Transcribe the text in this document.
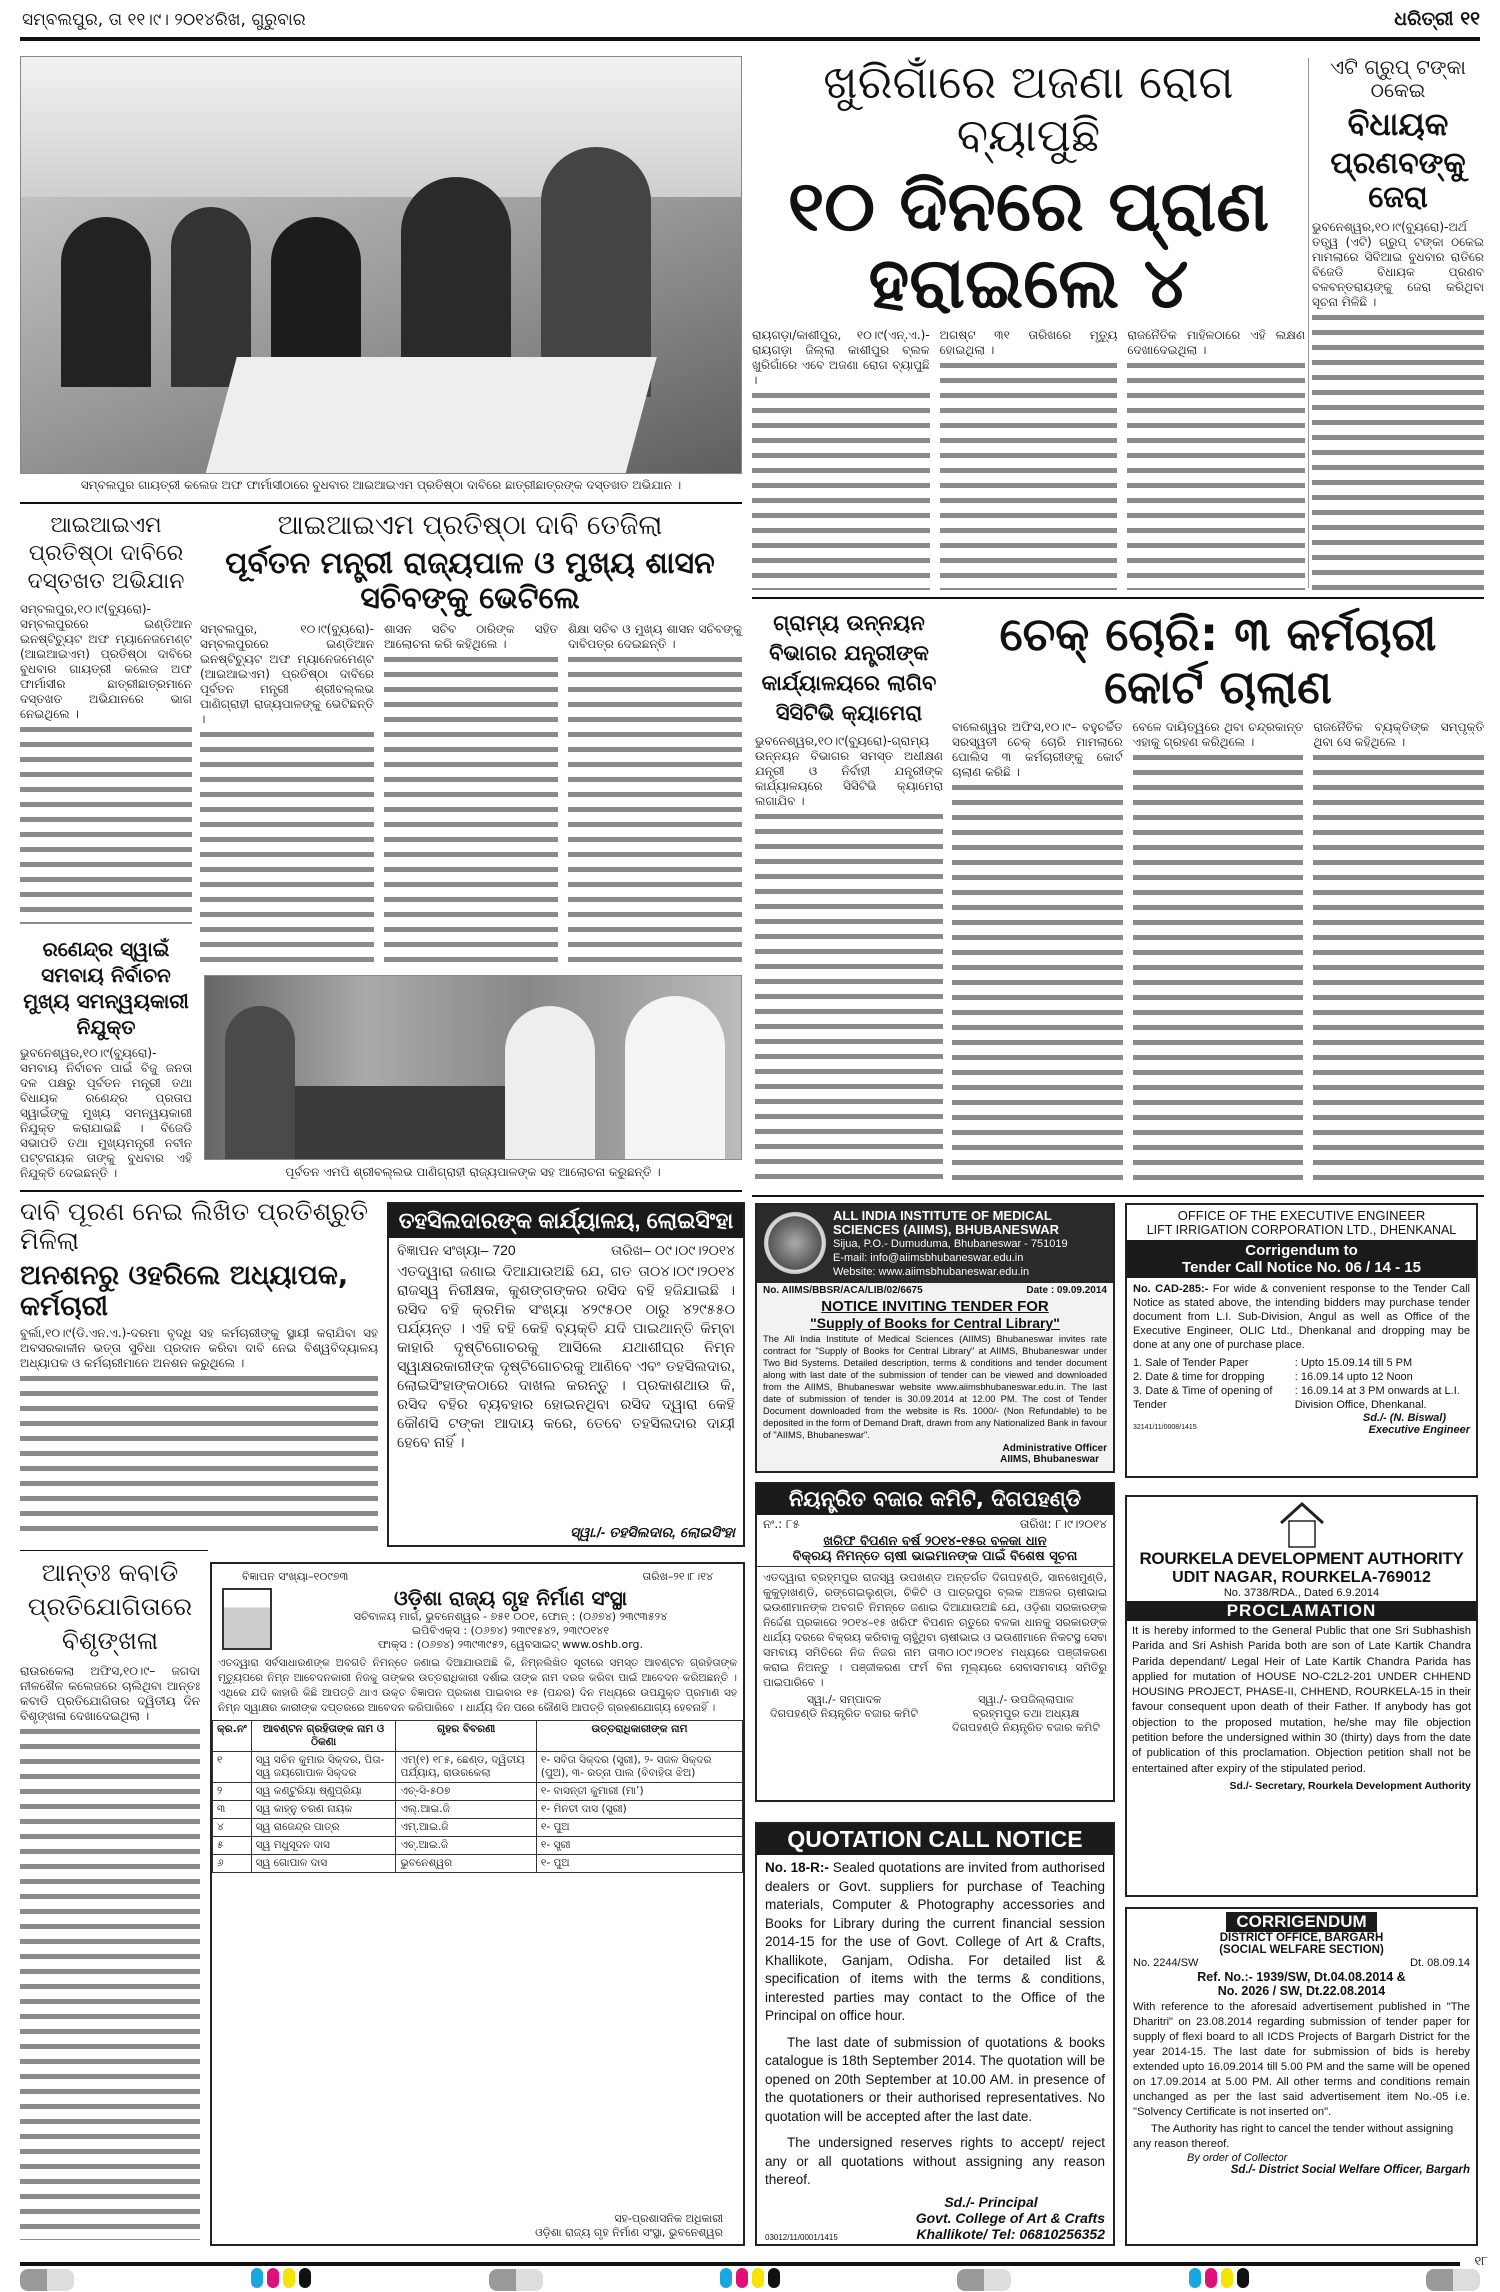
ସମ୍ବଲପୁର, ତା ୧୧।୯। ୨୦୧୪ରିଖ, ଗୁରୁବାର	ଧରିତ୍ରୀ ୧୧
ସମ୍ବଲପୁର ଗାୟତ୍ରୀ କଲେଜ ଅଫ ଫାର୍ମାସୀଠାରେ ବୁଧବାର ଆଇଆଇଏମ ପ୍ରତିଷ୍ଠା ଦାବିରେ ଛାତ୍ରୀଛାତ୍ରଙ୍କ ଦସ୍ତଖତ ଅଭିଯାନ ।
ଖୁରିଗାଁରେ ଅଜଣା ରୋଗ ବ୍ୟାପୁଛି
୧୦ ଦିନରେ ପ୍ରାଣ ହରାଇଲେ ୪

ରାୟଗଡ଼ା/କାଶୀପୁର, ୧୦।୯(ଏନ୍.ଏ.)-ରାୟଗଡ଼ା ଜିଲ୍ଲା କାଶୀପୁର ବ୍ଲକ ଖୁରିଗାଁରେ ଏବେ ଅଜଣା ରୋଗ ବ୍ୟାପୁଛି ।

ଅଗଷ୍ଟ ୩୧ ତାରିଖରେ ମୃତ୍ୟୁ ହୋଇଥିଲା ।

ରାଜନୈତିକ ମାହିଳଠାରେ ଏହି ଲକ୍ଷଣ ଦେଖାଦେଇଥିଲା ।

ଏଟି ଗ୍ରୁପ୍ ଟଙ୍କା ଠକେଇ
ବିଧାୟକ
ପ୍ରଣବଙ୍କୁ ଜେରା

ଭୁବନେଶ୍ୱର,୧୦।୯(ବ୍ୟୁରୋ)-ଅର୍ଥ ତତ୍ତ୍ୱ (ଏଟି) ଗ୍ରୁପ୍ ଟଙ୍କା ଠକେଇ ମାମଲାରେ ସିବିଆଇ ବୁଧବାର ରାତିରେ ବିଜେଡି ବିଧାୟକ ପ୍ରଣବ ବଳବନ୍ତରାୟଙ୍କୁ ଜେରା କରିଥିବା ସୂଚନା ମିଳିଛି ।

ଆଇଆଇଏମ ପ୍ରତିଷ୍ଠା ଦାବିରେ ଦସ୍ତଖତ ଅଭିଯାନ

ସମ୍ବଲପୁର,୧୦।୯(ବ୍ୟୁରୋ)- ସମ୍ବଲପୁରରେ ଇଣ୍ଡିଆନ ଇନଷ୍ଟିଚ୍ୟୁଟ ଅଫ ମ୍ୟାନେଜମେଣ୍ଟ (ଆଇଆଇଏମ) ପ୍ରତିଷ୍ଠା ଦାବିରେ ବୁଧବାର ଗାୟତ୍ରୀ କଲେଜ ଅଫ ଫାର୍ମାସୀର ଛାତ୍ରୀଛାତ୍ରମାନେ ଦସ୍ତଖତ ଅଭିଯାନରେ ଭାଗ ନେଇଥିଲେ ।

ରଣେନ୍ଦ୍ର ସ୍ୱାଇଁ ସମବାୟ ନିର୍ବାଚନ ମୁଖ୍ୟ ସମନ୍ୱୟକାରୀ ନିଯୁକ୍ତ

ଭୁବନେଶ୍ୱର,୧୦।୯(ବ୍ୟୁରୋ)-ସମବାୟ ନିର୍ବାଚନ ପାଇଁ ବିଜୁ ଜନତା ଦଳ ପକ୍ଷରୁ ପୂର୍ବତନ ମନ୍ତ୍ରୀ ତଥା ବିଧାୟକ ରଣେନ୍ଦ୍ର ପ୍ରତାପ ସ୍ୱାଇଁଙ୍କୁ ମୁଖ୍ୟ ସମନ୍ୱୟକାରୀ ନିଯୁକ୍ତ କରାଯାଇଛି । ବିଜେଡି ସଭାପତି ତଥା ମୁଖ୍ୟମନ୍ତ୍ରୀ ନବୀନ ପଟ୍ଟନାୟକ ତାଙ୍କୁ ବୁଧବାର ଏହି ନିଯୁକ୍ତି ଦେଇଛନ୍ତି ।

ଆଇଆଇଏମ ପ୍ରତିଷ୍ଠା ଦାବି ତେଜିଲା
ପୂର୍ବତନ ମନ୍ତ୍ରୀ ରାଜ୍ୟପାଳ ଓ ମୁଖ୍ୟ ଶାସନ ସଚିବଙ୍କୁ ଭେଟିଲେ

ସମ୍ବଲପୁର, ୧୦।୯(ବ୍ୟୁରୋ)-ସମ୍ବଲପୁରରେ ଇଣ୍ଡିଆନ ଇନଷ୍ଟିଚ୍ୟୁଟ ଅଫ ମ୍ୟାନେଜମେଣ୍ଟ (ଆଇଆଇଏମ) ପ୍ରତିଷ୍ଠା ଦାବିରେ ପୂର୍ବତନ ମନ୍ତ୍ରୀ ଶ୍ରୀବଲ୍ଲଭ ପାଣିଗ୍ରାହୀ ରାଜ୍ୟପାଳଙ୍କୁ ଭେଟିଛନ୍ତି ।

ଶାସନ ସଚିବ ଠାରିଙ୍କ ସହିତ ଆଲୋଚନା କରି କହିଥିଲେ ।

ଶିକ୍ଷା ସଚିବ ଓ ମୁଖ୍ୟ ଶାସନ ସଚିବଙ୍କୁ ଦାବିପତ୍ର ଦେଇଛନ୍ତି ।

ପୂର୍ବତନ ଏମପି ଶ୍ରୀବଲ୍ଲଭ ପାଣିଗ୍ରାହୀ ରାଜ୍ୟପାଳଙ୍କ ସହ ଆଲୋଚନା କରୁଛନ୍ତି ।
ଗ୍ରାମ୍ୟ ଉନ୍ନୟନ ବିଭାଗର ଯନ୍ତ୍ରୀଙ୍କ କାର୍ଯ୍ୟାଳୟରେ ଲାଗିବ ସିସିଟିଭି କ୍ୟାମେରା

ଭୁବନେଶ୍ୱର,୧୦।୯(ବ୍ୟୁରୋ)-ଗ୍ରାମ୍ୟ ଉନ୍ନୟନ ବିଭାଗର ସମସ୍ତ ଅଧୀକ୍ଷଣ ଯନ୍ତ୍ରୀ ଓ ନିର୍ବାହୀ ଯନ୍ତ୍ରୀଙ୍କ କାର୍ଯ୍ୟାଳୟରେ ସିସିଟିଭି କ୍ୟାମେରା ଲଗାଯିବ ।

ଚେକ୍ ଚୋରି: ୩ କର୍ମଚାରୀ କୋର୍ଟ ଚାଲାଣ

ବାଲେଶ୍ୱର ଅଫିସ,୧୦।୯– ବହୁଚର୍ଚ୍ଚିତ ସରସ୍ୱତୀ ଚେକ୍ ଚୋରି ମାମଲାରେ ପୋଲିସ ୩ କର୍ମଚାରୀଙ୍କୁ କୋର୍ଟ ଚାଲାଣ କରିଛି ।

ବେଳେ ଦାୟିତ୍ୱରେ ଥିବା ଚନ୍ଦ୍ରକାନ୍ତ ଏହାକୁ ଗ୍ରହଣ କରିଥିଲେ ।

ରାଜନୈତିକ ବ୍ୟକ୍ତିଙ୍କ ସମ୍ପୃକ୍ତି ଥିବା ସେ କହିଥିଲେ ।

ଦାବି ପୂରଣ ନେଇ ଲିଖିତ ପ୍ରତିଶ୍ରୁତି ମିଳିଲା
ଅନଶନରୁ ଓହରିଲେ ଅଧ୍ୟାପକ, କର୍ମଚାରୀ

ବୁର୍ଲା,୧୦।୯(ଡି.ଏନ.ଏ.)-ଦରମା ବୃଦ୍ଧି ସହ କର୍ମଚାରୀଙ୍କୁ ସ୍ଥାୟୀ କରାଯିବା ସହ ଅବସରକାଳୀନ ଭତ୍ତା ସୁବିଧା ପ୍ରଦାନ କରିବା ଦାବି ନେଇ ବିଶ୍ୱବିଦ୍ୟାଳୟ ଅଧ୍ୟାପକ ଓ କର୍ମଚାରୀମାନେ ଅନଶନ କରୁଥିଲେ ।

ତହସିଲଦାରଙ୍କ କାର୍ଯ୍ୟାଳୟ, ଲୋଇସିଂହା
ବିଜ୍ଞାପନ ସଂଖ୍ୟା– 720	ତାରିଖ– ୦୯।୦୯।୨୦୧୪
ଏତଦ୍ୱାରା ଜଣାଇ ଦିଆଯାଉଅଛି ଯେ, ଗତ ତା୦୪।୦୯।୨୦୧୪ ରାଜସ୍ୱ ନିରୀକ୍ଷକ, କୁଶଙ୍ଗଙ୍କର ରସିଦ ବହି ହଜିଯାଇଛି । ରସିଦ ବହି କ୍ରମିକ ସଂଖ୍ୟା ୪୨୯୫୦୧ ଠାରୁ ୪୨୯୫୫୦ ପର୍ଯ୍ୟନ୍ତ । ଏହି ବହି କେହି ବ୍ୟକ୍ତି ଯଦି ପାଇଥାନ୍ତି କିମ୍ବା କାହାରି ଦୃଷ୍ଟିଗୋଚରକୁ ଆସିଲେ ଯଥାଶୀଘ୍ର ନିମ୍ନ ସ୍ୱାକ୍ଷରକାରୀଙ୍କ ଦୃଷ୍ଟିଗୋଚରକୁ ଆଣିବେ ଏବଂ ତହସିଲଦାର, ଲୋଇସିଂହାଙ୍କଠାରେ ଦାଖଲ କରନ୍ତୁ । ପ୍ରକାଶଥାଉ କି, ରସିଦ ବହିର ବ୍ୟବହାର ହୋଇନଥିବା ରସିଦ ଦ୍ୱାରା କେହି କୌଣସି ଟଙ୍କା ଆଦାୟ କରେ, ତେବେ ତହସିଲଦାର ଦାୟୀ ହେବେ ନାହିଁ ।
ସ୍ୱା./- ତହସିଲଦାର, ଲୋଇସିଂହା
ଆନ୍ତଃ କବାଡି ପ୍ରତିଯୋଗିତାରେ ବିଶୃଙ୍ଖଳା

ରାଉରକେଲା ଅଫିସ,୧୦।୯– ଜଗଦା ନୀଳଶୈଳ କଲେଜରେ ଚାଲିଥିବା ଆନ୍ତଃ କବାଡି ପ୍ରତିଯୋଗିତାର ଦ୍ୱିତୀୟ ଦିନ ବିଶୃଙ୍ଖଳା ଦେଖାଦେଇଥିଲା ।

ବିଜ୍ଞାପନ ସଂଖ୍ୟା–୧୦୯୭୩	ତାରିଖ–୨୧।୮।୧୪
ଓଡ଼ିଶା ରାଜ୍ୟ ଗୃହ ନିର୍ମାଣ ସଂସ୍ଥା
ସଚିବାଳୟ ମାର୍ଗ, ଭୁବନେଶ୍ୱର - ୭୫୧ ୦୦୧, ଫୋନ୍ : (୦୬୭୪) ୨୩୯୩୫୨୪
ଇପିବିଏକ୍ସ : (୦୬୭୪) ୨୩୯୧୫୪୨, ୨୩୯୦୧୪୧
ଫାକ୍ସ : (୦୬୭୪) ୨୩୯୩୯୫୨, ୱେବସାଇଟ୍ www.oshb.org.
ଏତଦ୍ୱାରା ସର୍ବସାଧାରଣଙ୍କ ଅବଗତି ନିମନ୍ତେ ଜଣାଇ ଦିଆଯାଉଅଛି କି, ନିମ୍ନଲିଖିତ ସୂଚୀରେ ସମସ୍ତ ଆବଣ୍ଟନ ଗ୍ରହିତାଙ୍କ ମୃତ୍ୟୁପରେ ନିମ୍ନ ଆବେଦନକାରୀ ନିଜକୁ ତାଙ୍କର ଉତ୍ତରାଧିକାରୀ ଦର୍ଶାଇ ତାଙ୍କ ନାମ ଦରଜ କରିବା ପାଇଁ ଆବେଦନ କରିଅଛନ୍ତି । ଏଥିରେ ଯଦି କାହାରି କିଛି ଆପତ୍ତି ଥାଏ ଉକ୍ତ ବିଜ୍ଞାପନ ପ୍ରକାଶ ପାଇବାର ୧୫ (ପନ୍ଦର) ଦିନ ମଧ୍ୟରେ ଉପଯୁକ୍ତ ପ୍ରମାଣ ସହ ନିମ୍ନ ସ୍ୱାକ୍ଷର କାରୀଙ୍କ ଦପ୍ତରରେ ଆବେଦନ କରିପାରିବେ । ଧାର୍ଯ୍ୟ ଦିନ ପରେ କୌଣସି ଆପତ୍ତି ଗ୍ରହଣଯୋଗ୍ୟ ହେବନାହିଁ ।
କ୍ର.ନଂ	ଆବଣ୍ଟନ ଗ୍ରହିତାଙ୍କ ନାମ ଓ ଠିକଣା	ଗୃହର ବିବରଣୀ	ଉତ୍ତରାଧିକାରୀଙ୍କ ନାମ
୧	ସ୍ୱ ସଚିନ କୁମାର ସିକ୍‌ଦର, ପିତା-ସ୍ୱ ଜୟଗୋପାଳ ସିକ୍‌ଦର	ଏମ୍(୧) ୧୮୫, ଛେଣ୍ଡ, ଦ୍ୱିତୀୟ ପର୍ଯ୍ୟାୟ, ରାଉରକେଲା	୧- ସବିତା ସିକ୍‌ଦର (ସ୍ତ୍ରୀ), ୨- ସଜଳ ସିକ୍‌ଦର (ପୁଅ), ୩- ରତ୍ନା ପାଲ (ବିବାହିତା ଝିଅ)
୨	ସ୍ୱ କଣ୍ଟୁରିୟା ଷ୍ଣୁପ୍ରିୟା	ଏଚ୍-ସି-୫୦୭	୧- ବାସନ୍ତୀ କୁମାରୀ (ମା’)
୩	ସ୍ୱ କାହ୍ନୁ ଚରଣ ନାୟକ	ଏଲ୍.ଆଇ.ଜି	୧- ମିନତୀ ଦାସ (ସ୍ତ୍ରୀ)
୪	ସ୍ୱ ରାଜେନ୍ଦ୍ର ପାତ୍ର	ଏମ୍.ଆଇ.ଜି	୧- ପୁଅ
୫	ସ୍ୱ ମଧୁସୂଦନ ଦାସ	ଏଚ୍.ଆଇ.ଜି	୧- ସ୍ତ୍ରୀ
୬	ସ୍ୱ ଗୋପାଳ ଦାସ	ଭୁବନେଶ୍ୱର	୧- ପୁଅ
ସହ-ପ୍ରଶାସନିକ ଅଧିକାରୀ
ଓଡ଼ିଶା ରାଜ୍ୟ ଗୃହ ନିର୍ମାଣ ସଂସ୍ଥା, ଭୁବନେଶ୍ୱର
ALL INDIA INSTITUTE OF MEDICAL
SCIENCES (AIIMS), BHUBANESWAR
Sijua, P.O.- Dumuduma, Bhubaneswar - 751019
E-mail: info@aiimsbhubaneswar.edu.in
Website: www.aiimsbhubaneswar.edu.in
No. AIIMS/BBSR/ACA/LIB/02/6675	Date : 09.09.2014
NOTICE INVITING TENDER FOR
"Supply of Books for Central Library"
The All India Institute of Medical Sciences (AIIMS) Bhubaneswar invites rate contract for "Supply of Books for Central Library" at AIIMS, Bhubaneswar under Two Bid Systems. Detailed description, terms & conditions and tender document along with last date of the submission of tender can be viewed and downloaded from the AIIMS, Bhubaneswar website www.aiimsbhubaneswar.edu.in. The last date of submission of tender is 30.09.2014 at 12.00 PM. The cost of Tender Document downloaded from the website is Rs. 1000/- (Non Refundable) to be deposited in the form of Demand Draft, drawn from any Nationalized Bank in favour of "AIIMS, Bhubaneswar".
Administrative Officer
AIIMS, Bhubaneswar
ନିୟନ୍ତ୍ରିତ ବଜାର କମିଟି, ଦିଗପହଣ୍ଡି
ନଂ.: ୮୫	ତାରିଖ: ୮।୯।୨୦୧୪
ଖରିଫ ବିପଣନ ବର୍ଷ ୨୦୧୪-୧୫ର ବଳକା ଧାନ
ବିକ୍ରୟ ନିମନ୍ତେ ଚାଷୀ ଭାଇମାନଙ୍କ ପାଇଁ ବିଶେଷ ସୂଚନା
ଏତଦ୍ୱାରା ବ୍ରହ୍ମପୁର ରାଜସ୍ୱ ଉପଖଣ୍ଡ ଅନ୍ତର୍ଗତ ଦିଗପହଣ୍ଡି, ସାନଖେମୁଣ୍ଡି, କୁକୁଡ଼ାଖଣ୍ଡି, ରଙ୍ଗେଇଲୁଣ୍ଡା, ଚିକିଟି ଓ ପାତ୍ରପୁର ବ୍ଲକ ଅଞ୍ଚଳର ଚାଷୀଭାଇ ଭଉଣୀମାନଙ୍କ ଅବଗତି ନିମନ୍ତେ ଜଣାଇ ଦିଆଯାଉଅଛି ଯେ, ଓଡ଼ିଶା ସରକାରଙ୍କ ନିର୍ଦ୍ଦେଶ ପ୍ରକାରେ ୨୦୧୪–୧୫ ଖରିଫ ବିପଣନ ଋତୁରେ ବଳକା ଧାନକୁ ସରକାରଙ୍କ ଧାର୍ଯ୍ୟ ଦରରେ ବିକ୍ରୟ କରିବାକୁ ଚାହୁଁଥିବା ଚାଷୀଭାଇ ଓ ଭଉଣୀମାନେ ନିକଟସ୍ଥ ସେବା ସମବାୟ ସମିତିରେ ନିଜ ନିଜର ନାମ ତା୩୦।୦୯।୨୦୧୪ ମଧ୍ୟରେ ପଞ୍ଜୀକରଣ କରାଇ ନିଅନ୍ତୁ । ପଞ୍ଜୀକରଣ ଫର୍ମ ବିନା ମୂଲ୍ୟରେ ସେବାସମବାୟ ସମିତିରୁ ପାଇପାରିବେ ।
ସ୍ୱା./- ସମ୍ପାଦକ
ଦିଗପହଣ୍ଡି ନିୟନ୍ତ୍ରିତ ବଜାର କମିଟି
ସ୍ୱା./- ଉପଜିଲ୍ଲାପାଳ
ବ୍ରହ୍ମପୁର ତଥା ଅଧ୍ୟକ୍ଷ
ଦିଗପହଣ୍ଡି ନିୟନ୍ତ୍ରିତ ବଜାର କମିଟି
QUOTATION CALL NOTICE
No. 18-R:- Sealed quotations are invited from authorised dealers or Govt. suppliers for purchase of Teaching materials, Computer & Photography accessories and Books for Library during the current financial session 2014-15 for the use of Govt. College of Art & Crafts, Khallikote, Ganjam, Odisha. For detailed list & specification of items with the terms & conditions, interested parties may contact to the Office of the Principal on office hour.
The last date of submission of quotations & books catalogue is 18th September 2014. The quotation will be opened on 20th September at 10.00 AM. in presence of the quotationers or their authorised representatives. No quotation will be accepted after the last date.
The undersigned reserves rights to accept/ reject any or all quotations without assigning any reason thereof.
Sd./- Principal
Govt. College of Art & Crafts
03012/11/0001/1415	Khallikote/ Tel: 06810256352
OFFICE OF THE EXECUTIVE ENGINEER
LIFT IRRIGATION CORPORATION LTD., DHENKANAL
Corrigendum to
Tender Call Notice No. 06 / 14 - 15
No. CAD-285:- For wide & convenient response to the Tender Call Notice as stated above, the intending bidders may purchase tender document from L.I. Sub-Division, Angul as well as Office of the Executive Engineer, OLIC Ltd., Dhenkanal and dropping may be done at any one of purchase place.
1. Sale of Tender Paper	: Upto 15.09.14 till 5 PM
2. Date & time for dropping	: 16.09.14 upto 12 Noon
3. Date & Time of opening of Tender
: 16.09.14 at 3 PM onwards at L.I. Division Office, Dhenkanal.
Sd./- (N. Biswal)
32141/11/0008/1415	Executive Engineer
ROURKELA DEVELOPMENT AUTHORITY
UDIT NAGAR, ROURKELA-769012
No. 3738/RDA., Dated 6.9.2014
PROCLAMATION
It is hereby informed to the General Public that one Sri Subhashish Parida and Sri Ashish Parida both are son of Late Kartik Chandra Parida dependant/ Legal Heir of Late Kartik Chandra Parida has applied for mutation of HOUSE NO-C2L2-201 UNDER CHHEND HOUSING PROJECT, PHASE-II, CHHEND, ROURKELA-15 in their favour consequent upon death of their Father. If anybody has got objection to the proposed mutation, he/she may file objection petition before the undersigned within 30 (thirty) days from the date of publication of this proclamation. Objection petition shall not be entertained after expiry of the stipulated period.
Sd./- Secretary, Rourkela Development Authority
CORRIGENDUM
DISTRICT OFFICE, BARGARH
(SOCIAL WELFARE SECTION)
No. 2244/SW	Dt. 08.09.14
Ref. No.:- 1939/SW, Dt.04.08.2014 &
No. 2026 / SW, Dt.22.08.2014
With reference to the aforesaid advertisement published in "The Dharitri" on 23.08.2014 regarding submission of tender paper for supply of flexi board to all ICDS Projects of Bargarh District for the year 2014-15. The last date for submission of bids is hereby extended upto 16.09.2014 till 5.00 PM and the same will be opened on 17.09.2014 at 5.00 PM. All other terms and conditions remain unchanged as per the last said advertisement item No.-05 i.e. "Solvency Certificate is not inserted on".
The Authority has right to cancel the tender without assigning any reason thereof.
By order of Collector
Sd./- District Social Welfare Officer, Bargarh
୧୮
